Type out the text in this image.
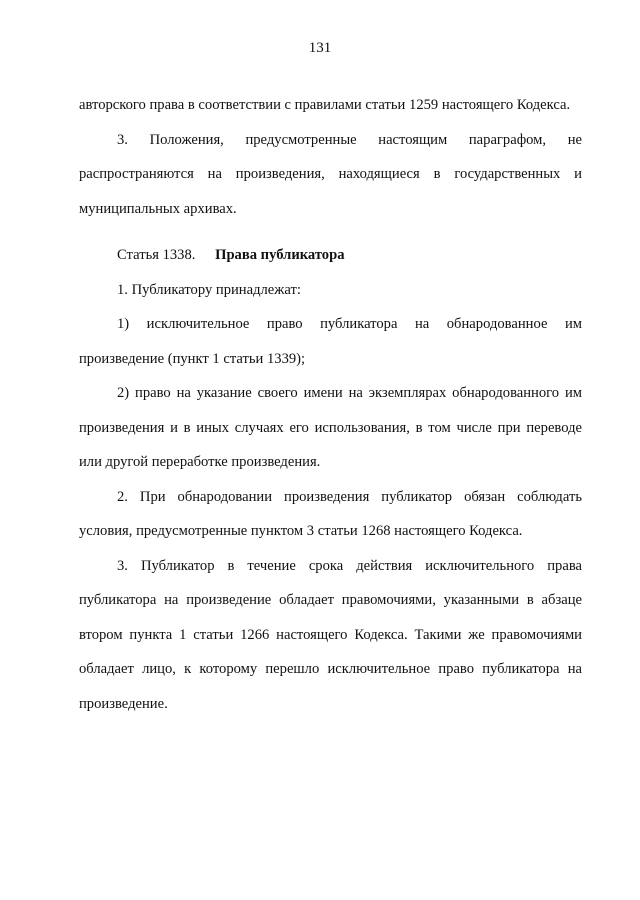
131

авторского права в соответствии с правилами статьи 1259 настоящего Кодекса.

3. Положения, предусмотренные настоящим параграфом, не распространяются на произведения, находящиеся в государственных и муниципальных архивах.

Статья 1338. Права публикатора

1. Публикатору принадлежат:

1) исключительное право публикатора на обнародованное им произведение (пункт 1 статьи 1339);

2) право на указание своего имени на экземплярах обнародованного им произведения и в иных случаях его использования, в том числе при переводе или другой переработке произведения.

2. При обнародовании произведения публикатор обязан соблюдать условия, предусмотренные пунктом 3 статьи 1268 настоящего Кодекса.

3. Публикатор в течение срока действия исключительного права публикатора на произведение обладает правомочиями, указанными в абзаце втором пункта 1 статьи 1266 настоящего Кодекса. Такими же правомочиями обладает лицо, к которому перешло исключительное право публикатора на произведение.
